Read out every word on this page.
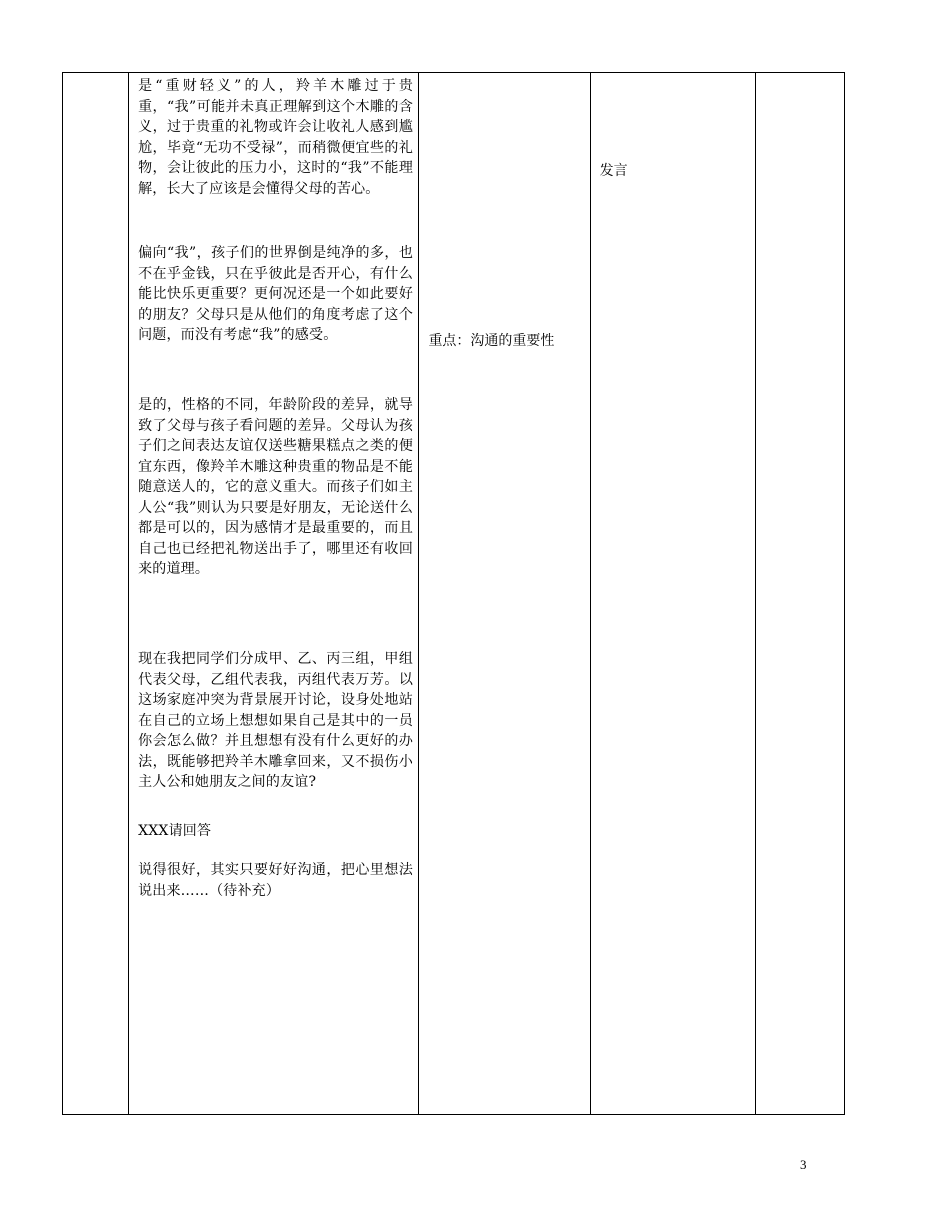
是“重财轻义”的人，羚羊木雕过于贵重，“我”可能并未真正理解到这个木雕的含义，过于贵重的礼物或许会让收礼人感到尴尬，毕竟“无功不受禄”，而稍微便宜些的礼物，会让彼此的压力小，这时的“我”不能理解，长大了应该是会懂得父母的苦心。
偏向“我”，孩子们的世界倒是纯净的多，也不在乎金钱，只在乎彼此是否开心，有什么能比快乐更重要？更何况还是一个如此要好的朋友？父母只是从他们的角度考虑了这个问题，而没有考虑“我”的感受。
是的，性格的不同，年龄阶段的差异，就导致了父母与孩子看问题的差异。父母认为孩子们之间表达友谊仅送些糖果糕点之类的便宜东西，像羚羊木雕这种贵重的物品是不能随意送人的，它的意义重大。而孩子们如主人公“我”则认为只要是好朋友，无论送什么都是可以的，因为感情才是最重要的，而且自己也已经把礼物送出手了，哪里还有收回来的道理。
现在我把同学们分成甲、乙、丙三组，甲组代表父母，乙组代表我，丙组代表万芳。以这场家庭冲突为背景展开讨论，设身处地站在自己的立场上想想如果自己是其中的一员你会怎么做？并且想想有没有什么更好的办法，既能够把羚羊木雕拿回来，又不损伤小主人公和她朋友之间的友谊?
XXX请回答
说得很好，其实只要好好沟通，把心里想法说出来……（待补充）

重点：沟通的重要性

发言

3
